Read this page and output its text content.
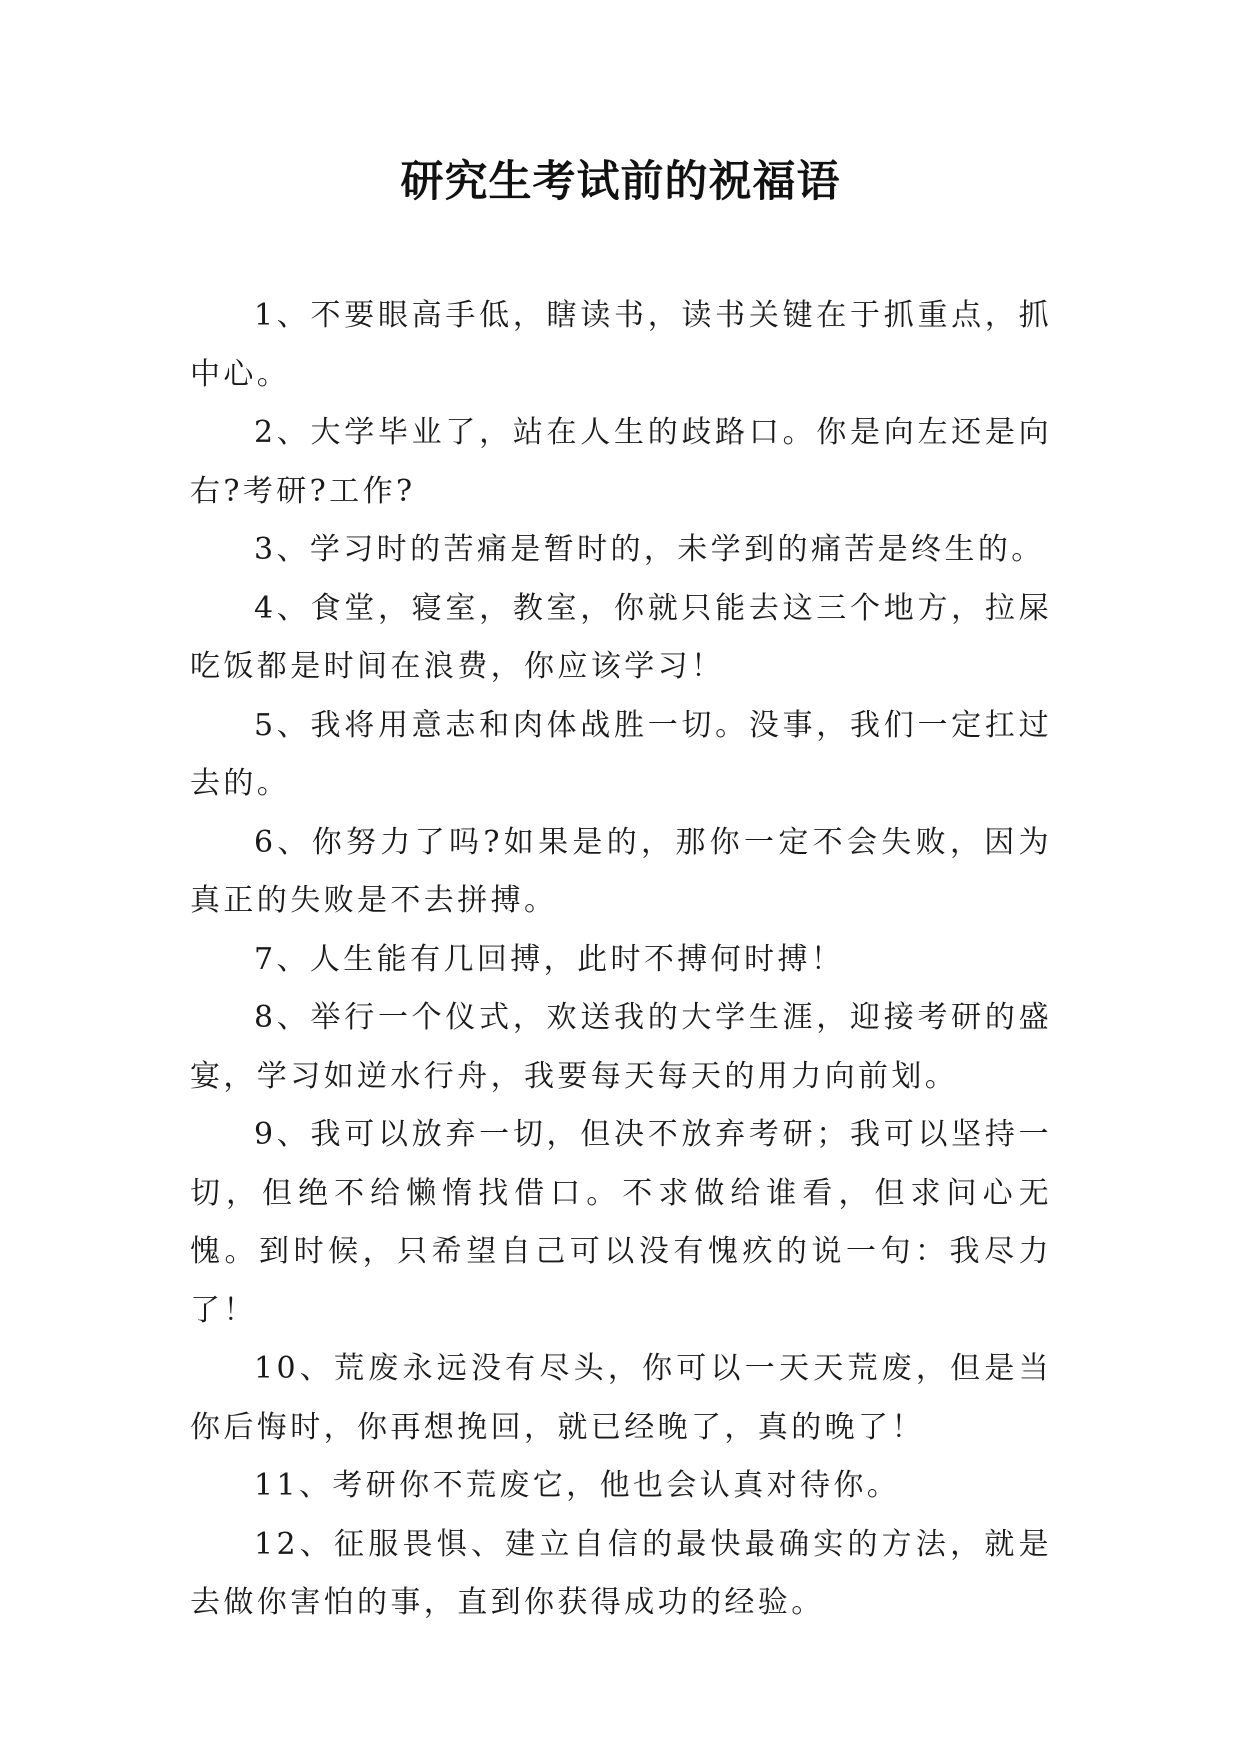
研究生考试前的祝福语

1、不要眼高手低，瞎读书，读书关键在于抓重点，抓中心。

2、大学毕业了，站在人生的歧路口。你是向左还是向右?考研?工作?

3、学习时的苦痛是暂时的，未学到的痛苦是终生的。

4、食堂，寝室，教室，你就只能去这三个地方，拉屎吃饭都是时间在浪费，你应该学习！

5、我将用意志和肉体战胜一切。没事，我们一定扛过去的。

6、你努力了吗?如果是的，那你一定不会失败，因为真正的失败是不去拼搏。

7、人生能有几回搏，此时不搏何时搏！

8、举行一个仪式，欢送我的大学生涯，迎接考研的盛宴，学习如逆水行舟，我要每天每天的用力向前划。

9、我可以放弃一切，但决不放弃考研；我可以坚持一切，但绝不给懒惰找借口。不求做给谁看，但求问心无愧。到时候，只希望自己可以没有愧疚的说一句：我尽力了！

10、荒废永远没有尽头，你可以一天天荒废，但是当你后悔时，你再想挽回，就已经晚了，真的晚了！

11、考研你不荒废它，他也会认真对待你。

12、征服畏惧、建立自信的最快最确实的方法，就是去做你害怕的事，直到你获得成功的经验。
